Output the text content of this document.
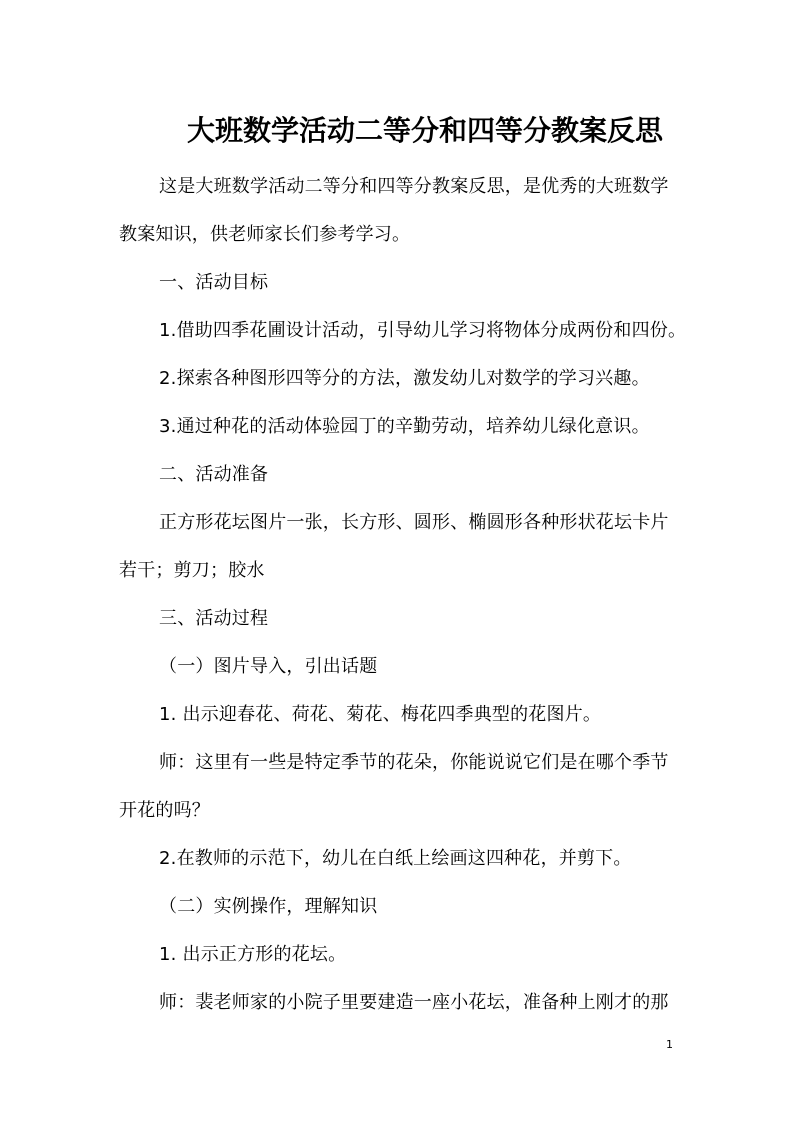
大班数学活动二等分和四等分教案反思

这是大班数学活动二等分和四等分教案反思，是优秀的大班数学教案知识，供老师家长们参考学习。

一、活动目标

1.借助四季花圃设计活动，引导幼儿学习将物体分成两份和四份。

2.探索各种图形四等分的方法，激发幼儿对数学的学习兴趣。

3.通过种花的活动体验园丁的辛勤劳动，培养幼儿绿化意识。

二、活动准备

正方形花坛图片一张，长方形、圆形、椭圆形各种形状花坛卡片若干；剪刀；胶水

三、活动过程

（一）图片导入，引出话题

1. 出示迎春花、荷花、菊花、梅花四季典型的花图片。

师：这里有一些是特定季节的花朵，你能说说它们是在哪个季节开花的吗？

2.在教师的示范下，幼儿在白纸上绘画这四种花，并剪下。

（二）实例操作，理解知识

1. 出示正方形的花坛。

师：裴老师家的小院子里要建造一座小花坛，准备种上刚才的那

1
